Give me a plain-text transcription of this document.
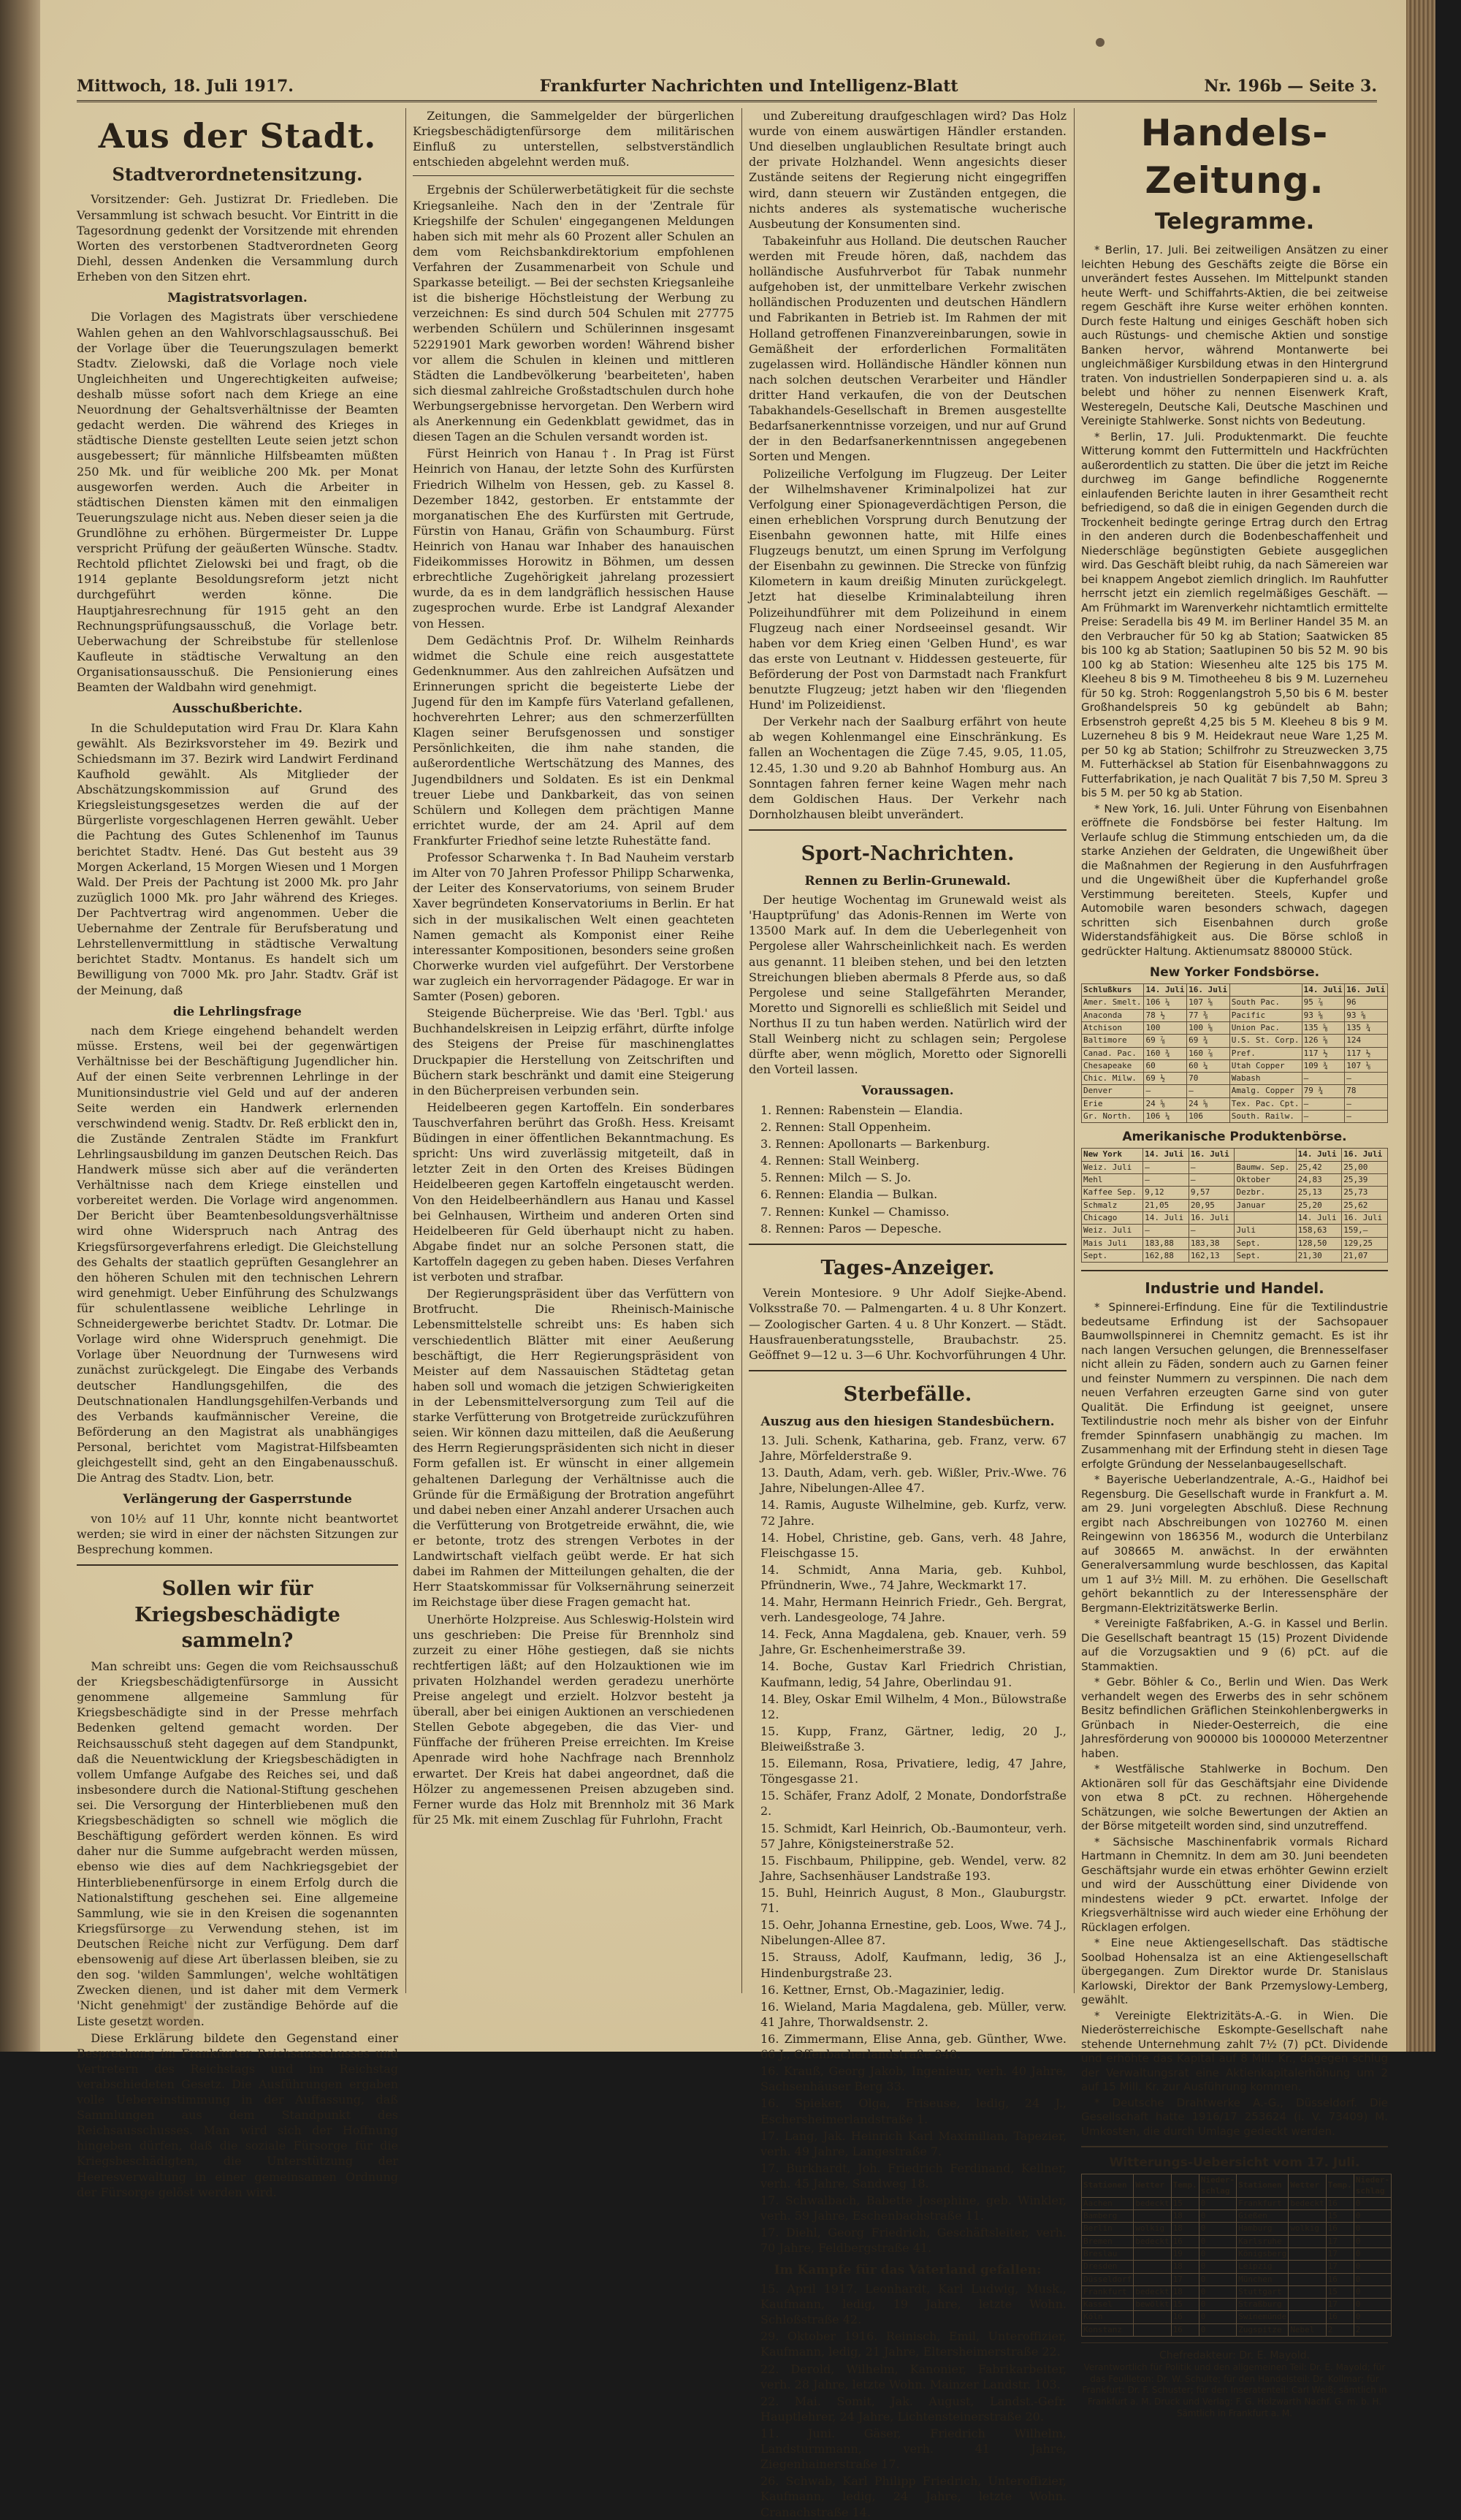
Mittwoch, 18. Juli 1917.	Frankfurter Nachrichten und Intelligenz-Blatt	Nr. 196b — Seite 3.
Aus der Stadt.
Stadtverordnetensitzung.

Vorsitzender: Geh. Justizrat Dr. Friedleben. Die Versammlung ist schwach besucht. Vor Eintritt in die Tagesordnung gedenkt der Vorsitzende mit ehrenden Worten des verstorbenen Stadtverordneten Georg Diehl, dessen Andenken die Versammlung durch Erheben von den Sitzen ehrt.

Magistratsvorlagen.

Die Vorlagen des Magistrats über verschiedene Wahlen gehen an den Wahlvorschlagsausschuß. Bei der Vorlage über die Teuerungszulagen bemerkt Stadtv. Zielowski, daß die Vorlage noch viele Ungleichheiten und Ungerechtigkeiten aufweise; deshalb müsse sofort nach dem Kriege an eine Neuordnung der Gehaltsverhältnisse der Beamten gedacht werden. Die während des Krieges in städtische Dienste gestellten Leute seien jetzt schon ausgebessert; für männliche Hilfsbeamten müßten 250 Mk. und für weibliche 200 Mk. per Monat ausgeworfen werden. Auch die Arbeiter in städtischen Diensten kämen mit den einmaligen Teuerungszulage nicht aus. Neben dieser seien ja die Grundlöhne zu erhöhen. Bürgermeister Dr. Luppe verspricht Prüfung der geäußerten Wünsche. Stadtv. Rechtold pflichtet Zielowski bei und fragt, ob die 1914 geplante Besoldungsreform jetzt nicht durchgeführt werden könne. Die Hauptjahresrechnung für 1915 geht an den Rechnungsprüfungsausschuß, die Vorlage betr. Ueberwachung der Schreibstube für stellenlose Kaufleute in städtische Verwaltung an den Organisationsausschuß. Die Pensionierung eines Beamten der Waldbahn wird genehmigt.

Ausschußberichte.

In die Schuldeputation wird Frau Dr. Klara Kahn gewählt. Als Bezirksvorsteher im 49. Bezirk und Schiedsmann im 37. Bezirk wird Landwirt Ferdinand Kaufhold gewählt. Als Mitglieder der Abschätzungskommission auf Grund des Kriegsleistungsgesetzes werden die auf der Bürgerliste vorgeschlagenen Herren gewählt. Ueber die Pachtung des Gutes Schlenenhof im Taunus berichtet Stadtv. Hené. Das Gut besteht aus 39 Morgen Ackerland, 15 Morgen Wiesen und 1 Morgen Wald. Der Preis der Pachtung ist 2000 Mk. pro Jahr zuzüglich 1000 Mk. pro Jahr während des Krieges. Der Pachtvertrag wird angenommen. Ueber die Uebernahme der Zentrale für Berufsberatung und Lehrstellenvermittlung in städtische Verwaltung berichtet Stadtv. Montanus. Es handelt sich um Bewilligung von 7000 Mk. pro Jahr. Stadtv. Gräf ist der Meinung, daß

die Lehrlingsfrage

nach dem Kriege eingehend behandelt werden müsse. Erstens, weil bei der gegenwärtigen Verhältnisse bei der Beschäftigung Jugendlicher hin. Auf der einen Seite verbrennen Lehrlinge in der Munitionsindustrie viel Geld und auf der anderen Seite werden ein Handwerk erlernenden verschwindend wenig. Stadtv. Dr. Reß erblickt den in, die Zustände Zentralen Städte im Frankfurt Lehrlingsausbildung im ganzen Deutschen Reich. Das Handwerk müsse sich aber auf die veränderten Verhältnisse nach dem Kriege einstellen und vorbereitet werden. Die Vorlage wird angenommen. Der Bericht über Beamtenbesoldungsverhältnisse wird ohne Widerspruch nach Antrag des Kriegsfürsorgeverfahrens erledigt. Die Gleichstellung des Gehalts der staatlich geprüften Gesanglehrer an den höheren Schulen mit den technischen Lehrern wird genehmigt. Ueber Einführung des Schulzwangs für schulentlassene weibliche Lehrlinge in Schneidergewerbe berichtet Stadtv. Dr. Lotmar. Die Vorlage wird ohne Widerspruch genehmigt. Die Vorlage über Neuordnung der Turnwesens wird zunächst zurückgelegt. Die Eingabe des Verbands deutscher Handlungsgehilfen, die des Deutschnationalen Handlungsgehilfen-Verbands und des Verbands kaufmännischer Vereine, die Beförderung an den Magistrat als unabhängiges Personal, berichtet vom Magistrat-Hilfsbeamten gleichgestellt sind, geht an den Eingabenausschuß. Die Antrag des Stadtv. Lion, betr.

Verlängerung der Gasperrstunde

von 10½ auf 11 Uhr, konnte nicht beantwortet werden; sie wird in einer der nächsten Sitzungen zur Besprechung kommen.

Sollen wir für Kriegsbeschädigte sammeln?

Man schreibt uns: Gegen die vom Reichsausschuß der Kriegsbeschädigtenfürsorge in Aussicht genommene allgemeine Sammlung für Kriegsbeschädigte sind in der Presse mehrfach Bedenken geltend gemacht worden. Der Reichsausschuß steht dagegen auf dem Standpunkt, daß die Neuentwicklung der Kriegsbeschädigten in vollem Umfange Aufgabe des Reiches sei, und daß insbesondere durch die National-Stiftung geschehen sei. Die Versorgung der Hinterbliebenen muß den Kriegsbeschädigten so schnell wie möglich die Beschäftigung gefördert werden können. Es wird daher nur die Summe aufgebracht werden müssen, ebenso wie dies auf dem Nachkriegsgebiet der Hinterbliebenenfürsorge in einem Erfolg durch die Nationalstiftung geschehen sei. Eine allgemeine Sammlung, wie sie in den Kreisen die sogenannten Kriegsfürsorge zu Verwendung stehen, ist im Deutschen Reiche nicht zur Verfügung. Dem darf ebensowenig auf diese Art überlassen bleiben, sie zu den sog. 'wilden Sammlungen', welche wohltätigen Zwecken dienen, und ist daher mit dem Vermerk 'Nicht genehmigt' der zuständige Behörde auf die Liste gesetzt worden.

Diese Erklärung bildete den Gegenstand einer Besprechung im Frankfurter Reichsausschusses und Vertretern des Reichstags und im Reichstag verabschiedeten Gesetz. Die Ausführungen ergaben volle Uebereinstimmung in der Auffassung, daß Sammlungen aus dem Standpunkt des Reichsausschusses. Man wird sich der Hoffnung hingeben dürfen, daß die soziale Fürsorge für die Kriegsbeschädigten, die Unterstützung der Heeresverwaltung in einer gemeinsamen Ordnung der Fürsorge gelöst werden wird.

Zeitungen, die Sammelgelder der bürgerlichen Kriegsbeschädigtenfürsorge dem militärischen Einfluß zu unterstellen, selbstverständlich entschieden abgelehnt werden muß.

Ergebnis der Schülerwerbetätigkeit für die sechste Kriegsanleihe. Nach den in der 'Zentrale für Kriegshilfe der Schulen' eingegangenen Meldungen haben sich mit mehr als 60 Prozent aller Schulen an dem vom Reichsbankdirektorium empfohlenen Verfahren der Zusammenarbeit von Schule und Sparkasse beteiligt. — Bei der sechsten Kriegsanleihe ist die bisherige Höchstleistung der Werbung zu verzeichnen: Es sind durch 504 Schulen mit 27775 werbenden Schülern und Schülerinnen insgesamt 52291901 Mark geworben worden! Während bisher vor allem die Schulen in kleinen und mittleren Städten die Landbevölkerung 'bearbeiteten', haben sich diesmal zahlreiche Großstadtschulen durch hohe Werbungsergebnisse hervorgetan. Den Werbern wird als Anerkennung ein Gedenkblatt gewidmet, das in diesen Tagen an die Schulen versandt worden ist.

Fürst Heinrich von Hanau †. In Prag ist Fürst Heinrich von Hanau, der letzte Sohn des Kurfürsten Friedrich Wilhelm von Hessen, geb. zu Kassel 8. Dezember 1842, gestorben. Er entstammte der morganatischen Ehe des Kurfürsten mit Gertrude, Fürstin von Hanau, Gräfin von Schaumburg. Fürst Heinrich von Hanau war Inhaber des hanauischen Fideikommisses Horowitz in Böhmen, um dessen erbrechtliche Zugehörigkeit jahrelang prozessiert wurde, da es in dem landgräflich hessischen Hause zugesprochen wurde. Erbe ist Landgraf Alexander von Hessen.

Dem Gedächtnis Prof. Dr. Wilhelm Reinhards widmet die Schule eine reich ausgestattete Gedenknummer. Aus den zahlreichen Aufsätzen und Erinnerungen spricht die begeisterte Liebe der Jugend für den im Kampfe fürs Vaterland gefallenen, hochverehrten Lehrer; aus den schmerzerfüllten Klagen seiner Berufsgenossen und sonstiger Persönlichkeiten, die ihm nahe standen, die außerordentliche Wertschätzung des Mannes, des Jugendbildners und Soldaten. Es ist ein Denkmal treuer Liebe und Dankbarkeit, das von seinen Schülern und Kollegen dem prächtigen Manne errichtet wurde, der am 24. April auf dem Frankfurter Friedhof seine letzte Ruhestätte fand.

Professor Scharwenka †. In Bad Nauheim verstarb im Alter von 70 Jahren Professor Philipp Scharwenka, der Leiter des Konservatoriums, von seinem Bruder Xaver begründeten Konservatoriums in Berlin. Er hat sich in der musikalischen Welt einen geachteten Namen gemacht als Komponist einer Reihe interessanter Kompositionen, besonders seine großen Chorwerke wurden viel aufgeführt. Der Verstorbene war zugleich ein hervorragender Pädagoge. Er war in Samter (Posen) geboren.

Steigende Bücherpreise. Wie das 'Berl. Tgbl.' aus Buchhandelskreisen in Leipzig erfährt, dürfte infolge des Steigens der Preise für maschinenglattes Druckpapier die Herstellung von Zeitschriften und Büchern stark beschränkt und damit eine Steigerung in den Bücherpreisen verbunden sein.

Heidelbeeren gegen Kartoffeln. Ein sonderbares Tauschverfahren berührt das Großh. Hess. Kreisamt Büdingen in einer öffentlichen Bekanntmachung. Es spricht: Uns wird zuverlässig mitgeteilt, daß in letzter Zeit in den Orten des Kreises Büdingen Heidelbeeren gegen Kartoffeln eingetauscht werden. Von den Heidelbeerhändlern aus Hanau und Kassel bei Gelnhausen, Wirtheim und anderen Orten sind Heidelbeeren für Geld überhaupt nicht zu haben. Abgabe findet nur an solche Personen statt, die Kartoffeln dagegen zu geben haben. Dieses Verfahren ist verboten und strafbar.

Der Regierungspräsident über das Verfüttern von Brotfrucht. Die Rheinisch-Mainische Lebensmittelstelle schreibt uns: Es haben sich verschiedentlich Blätter mit einer Aeußerung beschäftigt, die Herr Regierungspräsident von Meister auf dem Nassauischen Städtetag getan haben soll und womach die jetzigen Schwierigkeiten in der Lebensmittelversorgung zum Teil auf die starke Verfütterung von Brotgetreide zurückzuführen seien. Wir können dazu mitteilen, daß die Aeußerung des Herrn Regierungspräsidenten sich nicht in dieser Form gefallen ist. Er wünscht in einer allgemein gehaltenen Darlegung der Verhältnisse auch die Gründe für die Ermäßigung der Brotration angeführt und dabei neben einer Anzahl anderer Ursachen auch die Verfütterung von Brotgetreide erwähnt, die, wie er betonte, trotz des strengen Verbotes in der Landwirtschaft vielfach geübt werde. Er hat sich dabei im Rahmen der Mitteilungen gehalten, die der Herr Staatskommissar für Volksernährung seinerzeit im Reichstage über diese Fragen gemacht hat.

Unerhörte Holzpreise. Aus Schleswig-Holstein wird uns geschrieben: Die Preise für Brennholz sind zurzeit zu einer Höhe gestiegen, daß sie nichts rechtfertigen läßt; auf den Holzauktionen wie im privaten Holzhandel werden geradezu unerhörte Preise angelegt und erzielt. Holzvor besteht ja überall, aber bei einigen Auktionen an verschiedenen Stellen Gebote abgegeben, die das Vier- und Fünffache der früheren Preise erreichten. Im Kreise Apenrade wird hohe Nachfrage nach Brennholz erwartet. Der Kreis hat dabei angeordnet, daß die Hölzer zu angemessenen Preisen abzugeben sind. Ferner wurde das Holz mit Brennholz mit 36 Mark für 25 Mk. mit einem Zuschlag für Fuhrlohn, Fracht

und Zubereitung draufgeschlagen wird? Das Holz wurde von einem auswärtigen Händler erstanden. Und dieselben unglaublichen Resultate bringt auch der private Holzhandel. Wenn angesichts dieser Zustände seitens der Regierung nicht eingegriffen wird, dann steuern wir Zuständen entgegen, die nichts anderes als systematische wucherische Ausbeutung der Konsumenten sind.

Tabakeinfuhr aus Holland. Die deutschen Raucher werden mit Freude hören, daß, nachdem das holländische Ausfuhrverbot für Tabak nunmehr aufgehoben ist, der unmittelbare Verkehr zwischen holländischen Produzenten und deutschen Händlern und Fabrikanten in Betrieb ist. Im Rahmen der mit Holland getroffenen Finanzvereinbarungen, sowie in Gemäßheit der erforderlichen Formalitäten zugelassen wird. Holländische Händler können nun nach solchen deutschen Verarbeiter und Händler dritter Hand verkaufen, die von der Deutschen Tabakhandels-Gesellschaft in Bremen ausgestellte Bedarfsanerkenntnisse vorzeigen, und nur auf Grund der in den Bedarfsanerkenntnissen angegebenen Sorten und Mengen.

Polizeiliche Verfolgung im Flugzeug. Der Leiter der Wilhelmshavener Kriminalpolizei hat zur Verfolgung einer Spionageverdächtigen Person, die einen erheblichen Vorsprung durch Benutzung der Eisenbahn gewonnen hatte, mit Hilfe eines Flugzeugs benutzt, um einen Sprung im Verfolgung der Eisenbahn zu gewinnen. Die Strecke von fünfzig Kilometern in kaum dreißig Minuten zurückgelegt. Jetzt hat dieselbe Kriminalabteilung ihren Polizeihundführer mit dem Polizeihund in einem Flugzeug nach einer Nordseeinsel gesandt. Wir haben vor dem Krieg einen 'Gelben Hund', es war das erste von Leutnant v. Hiddessen gesteuerte, für Beförderung der Post von Darmstadt nach Frankfurt benutzte Flugzeug; jetzt haben wir den 'fliegenden Hund' im Polizeidienst.

Der Verkehr nach der Saalburg erfährt von heute ab wegen Kohlenmangel eine Einschränkung. Es fallen an Wochentagen die Züge 7.45, 9.05, 11.05, 12.45, 1.30 und 9.20 ab Bahnhof Homburg aus. An Sonntagen fahren ferner keine Wagen mehr nach dem Goldischen Haus. Der Verkehr nach Dornholzhausen bleibt unverändert.

Sport-Nachrichten.
Rennen zu Berlin-Grunewald.

Der heutige Wochentag im Grunewald weist als 'Hauptprüfung' das Adonis-Rennen im Werte von 13500 Mark auf. In dem die Ueberlegenheit von Pergolese aller Wahrscheinlichkeit nach. Es werden aus genannt. 11 bleiben stehen, und bei den letzten Streichungen blieben abermals 8 Pferde aus, so daß Pergolese und seine Stallgefährten Merander, Moretto und Signorelli es schließlich mit Seidel und Northus II zu tun haben werden. Natürlich wird der Stall Weinberg nicht zu schlagen sein; Pergolese dürfte aber, wenn möglich, Moretto oder Signorelli den Vorteil lassen.

Voraussagen.

1. Rennen: Rabenstein — Elandia.

2. Rennen: Stall Oppenheim.

3. Rennen: Apollonarts — Barkenburg.

4. Rennen: Stall Weinberg.

5. Rennen: Milch — S. Jo.

6. Rennen: Elandia — Bulkan.

7. Rennen: Kunkel — Chamisso.

8. Rennen: Paros — Depesche.

Tages-Anzeiger.

Verein Montesiore. 9 Uhr Adolf Siejke-Abend. Volksstraße 70. — Palmengarten. 4 u. 8 Uhr Konzert. — Zoologischer Garten. 4 u. 8 Uhr Konzert. — Städt. Hausfrauenberatungsstelle, Braubachstr. 25. Geöffnet 9—12 u. 3—6 Uhr. Kochvorführungen 4 Uhr.

Sterbefälle.
Auszug aus den hiesigen Standesbüchern.

13. Juli. Schenk, Katharina, geb. Franz, verw. 67 Jahre, Mörfelderstraße 9.

13. Dauth, Adam, verh. geb. Wißler, Priv.-Wwe. 76 Jahre, Nibelungen-Allee 47.

14. Ramis, Auguste Wilhelmine, geb. Kurfz, verw. 72 Jahre.

14. Hobel, Christine, geb. Gans, verh. 48 Jahre, Fleischgasse 15.

14. Schmidt, Anna Maria, geb. Kuhbol, Pfründnerin, Wwe., 74 Jahre, Weckmarkt 17.

14. Mahr, Hermann Heinrich Friedr., Geh. Bergrat, verh. Landesgeologe, 74 Jahre.

14. Feck, Anna Magdalena, geb. Knauer, verh. 59 Jahre, Gr. Eschenheimerstraße 39.

14. Boche, Gustav Karl Friedrich Christian, Kaufmann, ledig, 54 Jahre, Oberlindau 91.

14. Bley, Oskar Emil Wilhelm, 4 Mon., Bülowstraße 12.

15. Kupp, Franz, Gärtner, ledig, 20 J., Bleiweißstraße 3.

15. Eilemann, Rosa, Privatiere, ledig, 47 Jahre, Töngesgasse 21.

15. Schäfer, Franz Adolf, 2 Monate, Dondorfstraße 2.

15. Schmidt, Karl Heinrich, Ob.-Baumonteur, verh. 57 Jahre, Königsteinerstraße 52.

15. Fischbaum, Philippine, geb. Wendel, verw. 82 Jahre, Sachsenhäuser Landstraße 193.

15. Buhl, Heinrich August, 8 Mon., Glauburgstr. 71.

15. Oehr, Johanna Ernestine, geb. Loos, Wwe. 74 J., Nibelungen-Allee 87.

15. Strauss, Adolf, Kaufmann, ledig, 36 J., Hindenburgstraße 23.

16. Kettner, Ernst, Ob.-Magazinier, ledig.

16. Wieland, Maria Magdalena, geb. Müller, verw. 41 Jahre, Thorwaldsenstr. 2.

16. Zimmermann, Elise Anna, geb. Günther, Wwe. 66 J., Offenbacherlandstraße 348.

16. Krauß, Georg Jakob, Ingenieur, verh. 40 Jahre, Sachsenhäuser Berg 33.

16. Spieker, Olga, Friseuse, ledig, 24 J., Eschersheimerlandstraße 1.

17. Lang, Jak. Heinrich Karl Maximilian, Tapezier, verh. 49 Jahre, Langestraße 7.

17. Burkhardt, Joh. Friedrich Ferdinand, Kellner, verh. 45 Jahre, Sandweg 18.

17. Schwalbach, Babette Josephine, geb. Winkler, verh. 59 Jahre, Eschenbachstraße 11.

17. Diehl, Georg Friedrich, Geschäftsleiter, verh. 70 Jahre, Feldbergstraße 41.

Im Kampfe für das Vaterland gefallen:

15. April 1917. Leonhardt, Karl Ludwig, Musk., Kaufmann, ledig, 19 Jahre, letzte Wohn. Schloßstraße 42.

29. Oktober 1916. Reinisch, Emil, Unteroffizier, Kaufmann, ledig, 21 Jahre, Eltersheimerstraße 22.

22. Derold, Wilhelm, Kanonier, Fabrikarbeiter, verh. 28 Jahre, letzte Wohn. Mainzer Landstr. 103.

22. Mai. Somit, Jak. August, Landst.-Gefr. Hauptlehrer, 24 Jahre, Lichtensteinerstraße 20.

11. Juni. Gäser, Friedrich Wilhelm, Landsturmmann, verh. 41 Jahre, Ziegenhainerstraße 17.

26. Schwab, Karl Philipp Friedrich, Unteroffizier, Kaufmann, ledig, 24 Jahre, letzte Wohn. Cranachstraße 14.

Handels-Zeitung.
Telegramme.

* Berlin, 17. Juli. Bei zeitweiligen Ansätzen zu einer leichten Hebung des Geschäfts zeigte die Börse ein unverändert festes Aussehen. Im Mittelpunkt standen heute Werft- und Schiffahrts-Aktien, die bei zeitweise regem Geschäft ihre Kurse weiter erhöhen konnten. Durch feste Haltung und einiges Geschäft hoben sich auch Rüstungs- und chemische Aktien und sonstige Banken hervor, während Montanwerte bei ungleichmäßiger Kursbildung etwas in den Hintergrund traten. Von industriellen Sonderpapieren sind u. a. als belebt und höher zu nennen Eisenwerk Kraft, Westeregeln, Deutsche Kali, Deutsche Maschinen und Vereinigte Stahlwerke. Sonst nichts von Bedeutung.

* Berlin, 17. Juli. Produktenmarkt. Die feuchte Witterung kommt den Futtermitteln und Hackfrüchten außerordentlich zu statten. Die über die jetzt im Reiche durchweg im Gange befindliche Roggenernte einlaufenden Berichte lauten in ihrer Gesamtheit recht befriedigend, so daß die in einigen Gegenden durch die Trockenheit bedingte geringe Ertrag durch den Ertrag in den anderen durch die Bodenbeschaffenheit und Niederschläge begünstigten Gebiete ausgeglichen wird. Das Geschäft bleibt ruhig, da nach Sämereien war bei knappem Angebot ziemlich dringlich. Im Rauhfutter herrscht jetzt ein ziemlich regelmäßiges Geschäft. — Am Frühmarkt im Warenverkehr nichtamtlich ermittelte Preise: Seradella bis 49 M. im Berliner Handel 35 M. an den Verbraucher für 50 kg ab Station; Saatwicken 85 bis 100 kg ab Station; Saatlupinen 50 bis 52 M. 90 bis 100 kg ab Station: Wiesenheu alte 125 bis 175 M. Kleeheu 8 bis 9 M. Timotheeheu 8 bis 9 M. Luzerneheu für 50 kg. Stroh: Roggenlangstroh 5,50 bis 6 M. bester Großhandelspreis 50 kg gebündelt ab Bahn; Erbsenstroh gepreßt 4,25 bis 5 M. Kleeheu 8 bis 9 M. Luzerneheu 8 bis 9 M. Heidekraut neue Ware 1,25 M. per 50 kg ab Station; Schilfrohr zu Streuzwecken 3,75 M. Futterhäcksel ab Station für Eisenbahnwaggons zu Futterfabrikation, je nach Qualität 7 bis 7,50 M. Spreu 3 bis 5 M. per 50 kg ab Station.

* New York, 16. Juli. Unter Führung von Eisenbahnen eröffnete die Fondsbörse bei fester Haltung. Im Verlaufe schlug die Stimmung entschieden um, da die starke Anziehen der Geldraten, die Ungewißheit über die Maßnahmen der Regierung in den Ausfuhrfragen und die Ungewißheit über die Kupferhandel große Verstimmung bereiteten. Steels, Kupfer und Automobile waren besonders schwach, dagegen schritten sich Eisenbahnen durch große Widerstandsfähigkeit aus. Die Börse schloß in gedrückter Haltung. Aktienumsatz 880000 Stück.

New Yorker Fondsbörse.
Schlußkurs	14. Juli	16. Juli		14. Juli	16. Juli
Amer. Smelt.	106 ¼	107 ⅝	South Pac.	95 ⅞	96
Anaconda	78 ½	77 ⅜	Pacific	93 ⅝	93 ⅝
Atchison	100	100 ⅝	Union Pac.	135 ⅝	135 ¾
Baltimore	69 ⅞	69 ¾	U.S. St. Corp.	126 ⅝	124
Canad. Pac.	160 ¾	160 ⅞	Pref.	117 ½	117 ½
Chesapeake	60	60 ¼	Utah Copper	109 ¾	107 ⅛
Chic. Milw.	69 ½	70	Wabash	—	—
Denver	—	—	Amalg. Copper	79 ¾	78
Erie	24 ⅝	24 ⅝	Tex. Pac. Cpt.	—	—
Gr. North.	106 ¼	106	South. Railw.	—	—
Amerikanische Produktenbörse.
New York	14. Juli	16. Juli		14. Juli	16. Juli
Weiz. Juli	—	—	Baumw. Sep.	25,42	25,00
Mehl	—	—	Oktober	24,83	25,39
Kaffee Sep.	9,12	9,57	Dezbr.	25,13	25,73
Schmalz	21,05	20,95	Januar	25,20	25,62
Chicago	14. Juli	16. Juli		14. Juli	16. Juli
Weiz. Juli	—	—	Juli	158,63	159,—
Mais Juli	183,88	183,38	Sept.	128,50	129,25
Sept.	162,88	162,13	Sept.	21,30	21,07
Industrie und Handel.

* Spinnerei-Erfindung. Eine für die Textilindustrie bedeutsame Erfindung ist der Sachsopauer Baumwollspinnerei in Chemnitz gemacht. Es ist ihr nach langen Versuchen gelungen, die Brennesselfaser nicht allein zu Fäden, sondern auch zu Garnen feiner und feinster Nummern zu verspinnen. Die nach dem neuen Verfahren erzeugten Garne sind von guter Qualität. Die Erfindung ist geeignet, unsere Textilindustrie noch mehr als bisher von der Einfuhr fremder Spinnfasern unabhängig zu machen. Im Zusammenhang mit der Erfindung steht in diesen Tage erfolgte Gründung der Nesselanbaugesellschaft.

* Bayerische Ueberlandzentrale, A.-G., Haidhof bei Regensburg. Die Gesellschaft wurde in Frankfurt a. M. am 29. Juni vorgelegten Abschluß. Diese Rechnung ergibt nach Abschreibungen von 102760 M. einen Reingewinn von 186356 M., wodurch die Unterbilanz auf 308665 M. anwächst. In der erwähnten Generalversammlung wurde beschlossen, das Kapital um 1 auf 3½ Mill. M. zu erhöhen. Die Gesellschaft gehört bekanntlich zu der Interessensphäre der Bergmann-Elektrizitätswerke Berlin.

* Vereinigte Faßfabriken, A.-G. in Kassel und Berlin. Die Gesellschaft beantragt 15 (15) Prozent Dividende auf die Vorzugsaktien und 9 (6) pCt. auf die Stammaktien.

* Gebr. Böhler & Co., Berlin und Wien. Das Werk verhandelt wegen des Erwerbs des in sehr schönem Besitz befindlichen Gräflichen Steinkohlenbergwerks in Grünbach in Nieder-Oesterreich, die eine Jahresförderung von 900000 bis 1000000 Meterzentner haben.

* Westfälische Stahlwerke in Bochum. Den Aktionären soll für das Geschäftsjahr eine Dividende von etwa 8 pCt. zu rechnen. Höhergehende Schätzungen, wie solche Bewertungen der Aktien an der Börse mitgeteilt worden sind, sind unzutreffend.

* Sächsische Maschinenfabrik vormals Richard Hartmann in Chemnitz. In dem am 30. Juni beendeten Geschäftsjahr wurde ein etwas erhöhter Gewinn erzielt und wird der Ausschüttung einer Dividende von mindestens wieder 9 pCt. erwartet. Infolge der Kriegsverhältnisse wird auch wieder eine Erhöhung der Rücklagen erfolgen.

* Eine neue Aktiengesellschaft. Das städtische Soolbad Hohensalza ist an eine Aktiengesellschaft übergegangen. Zum Direktor wurde Dr. Stanislaus Karlowski, Direktor der Bank Przemyslowy-Lemberg, gewählt.

* Vereinigte Elektrizitäts-A.-G. in Wien. Die Niederösterreichische Eskompte-Gesellschaft nahe stehende Unternehmung zahlt 7½ (7) pCt. Dividende und erhöhte das Kapital auf 8 Mill. Kr., dagegen schlug der Verwaltungsrat eine Aktienkapitalerhöhung um 2 auf 15 Mill. Kr. zur Ausführung kommen.

* Deutsche Drahtwerke A.-G., Düsseldorf. Die Gesellschaft hatte 1916/17 253624 (i. V. 73409) M. Umkosten, die durch Umlage gedeckt werden.

Witterungs-Uebersicht vom 17. Juli.
Stationen	Wetter	Temp.	Nieder-schlag	Stationen	Wetter	Temp.	Nieder-schlag
Aachen	bedeckt	15	0	Frankfurt	bedeckt	16	0
Bamberg		18	0	Gießen		15	0
Berlin	wolkig	18	0	Hamburg	wolkig	16	0
Bremen	bedeckt	16	0	Karlsruhe		17	0
Breslau		19	0	Königsberg		17	0
Dresden		18	0	Leipzig		17	0
Düsseldorf		17	0	München		16	0
Frankfurt	bedeckt	18	0	Stuttgart		15	0
Kassel	bewölkt	15	0	Straßburg		17	0
Köln		16	0	Swinemünde		16	0
Konstanz		16	0	Zugspitze	Nebel	2	2
Chefredakteur: Dr. E. Mayold.
Verantwortlich für Politik und den allgemeinen Teil: Dr. E. Mayold; für das Feuilleton: Dr. W. Schulte; für den Handelsteil: Dr. Kollmar; für Frankfurt: Dr. F. Schuster; für den Inseratenteil: Carl Weiß; sämtlich in Frankfurt a. M. Druck und Verlag: F. G. Holzwarth Nachf. G. m. b. H. Sämtlich in Frankfurt a. M.
